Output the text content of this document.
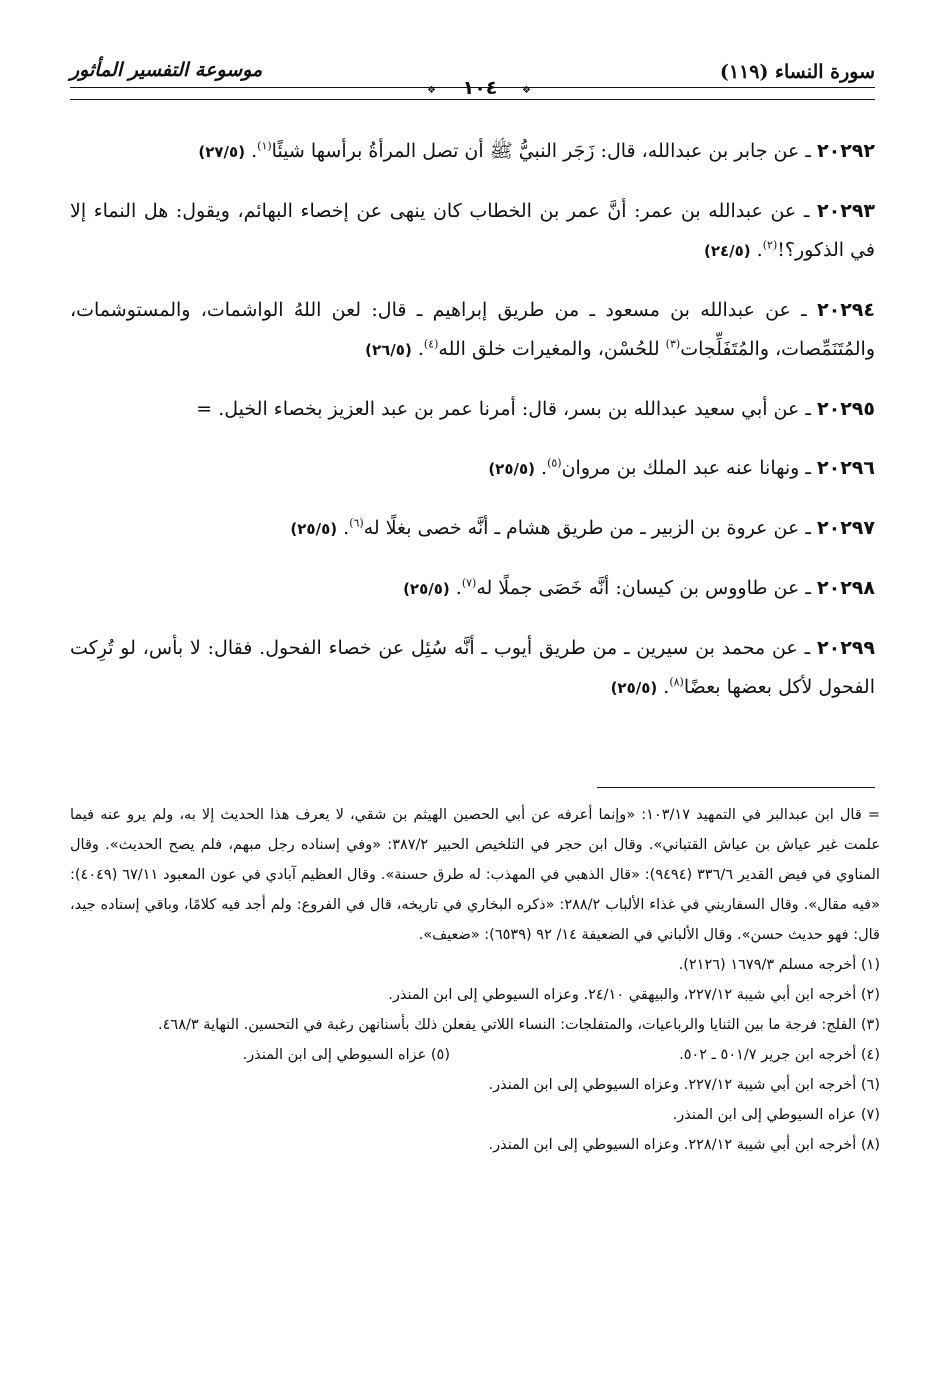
سورة النساء (١١٩)
موسوعة التفسير المأثور
❖	١٠٤	❖

٢٠٢٩٢ ـ عن جابر بن عبدالله، قال: زَجَر النبيُّ ﷺ أن تصل المرأةُ برأسها شيئًا$^{(١)}$. (٢٧/٥)

٢٠٢٩٣ ـ عن عبدالله بن عمر: أنَّ عمر بن الخطاب كان ينهى عن إخصاء البهائم، ويقول: هل النماء إلا في الذكور؟!$^{(٢)}$. (٢٤/٥)

٢٠٢٩٤ ـ عن عبدالله بن مسعود ـ من طريق إبراهيم ـ قال: لعن اللهُ الواشمات، والمستوشمات، والمُتَنَمِّصات، والمُتَفَلِّجات$^{(٣)}$ للحُسْن، والمغيرات خلق الله$^{(٤)}$. (٢٦/٥)

٢٠٢٩٥ ـ عن أبي سعيد عبدالله بن بسر، قال: أمرنا عمر بن عبد العزيز بخصاء الخيل. =

٢٠٢٩٦ ـ ونهانا عنه عبد الملك بن مروان$^{(٥)}$. (٢٥/٥)

٢٠٢٩٧ ـ عن عروة بن الزبير ـ من طريق هشام ـ أنَّه خصى بغلًا له$^{(٦)}$. (٢٥/٥)

٢٠٢٩٨ ـ عن طاووس بن كيسان: أنَّه خَصَى جملًا له$^{(٧)}$. (٢٥/٥)

٢٠٢٩٩ ـ عن محمد بن سيرين ـ من طريق أيوب ـ أنَّه سُئِل عن خصاء الفحول. فقال: لا بأس، لو تُرِكت الفحول لأكل بعضها بعضًا$^{(٨)}$. (٢٥/٥)

= قال ابن عبدالبر في التمهيد ١٠٣/١٧: «وإنما أعرفه عن أبي الحصين الهيثم بن شقي، لا يعرف هذا الحديث إلا به، ولم يرو عنه فيما علمت غير عياش بن عياش القتباني». وقال ابن حجر في التلخيص الحبير ٣٨٧/٢: «وفي إسناده رجل مبهم، فلم يصح الحديث». وقال المناوي في فيض القدير ٣٣٦/٦ (٩٤٩٤): «قال الذهبي في المهذب: له طرق حسنة». وقال العظيم آبادي في عون المعبود ٦٧/١١ (٤٠٤٩): «فيه مقال». وقال السفاريني في غذاء الألباب ٢٨٨/٢: «ذكره البخاري في تاريخه، قال في الفروع: ولم أجد فيه كلامًا، وباقي إسناده جيد، قال: فهو حديث حسن». وقال الألباني في الضعيفة ١٤/ ٩٢ (٦٥٣٩): «ضعيف».

(١) أخرجه مسلم ١٦٧٩/٣ (٢١٢٦).

(٢) أخرجه ابن أبي شيبة ٢٢٧/١٢، والبيهقي ٢٤/١٠. وعزاه السيوطي إلى ابن المنذر.

(٣) الفلج: فرجة ما بين الثنايا والرباعيات، والمتفلجات: النساء اللاتي يفعلن ذلك بأسنانهن رغبة في التحسين. النهاية ٤٦٨/٣.

(٤) أخرجه ابن جرير ٥٠١/٧ ـ ٥٠٢.
(٥) عزاه السيوطي إلى ابن المنذر.

(٦) أخرجه ابن أبي شيبة ٢٢٧/١٢. وعزاه السيوطي إلى ابن المنذر.

(٧) عزاه السيوطي إلى ابن المنذر.

(٨) أخرجه ابن أبي شيبة ٢٢٨/١٢. وعزاه السيوطي إلى ابن المنذر.
